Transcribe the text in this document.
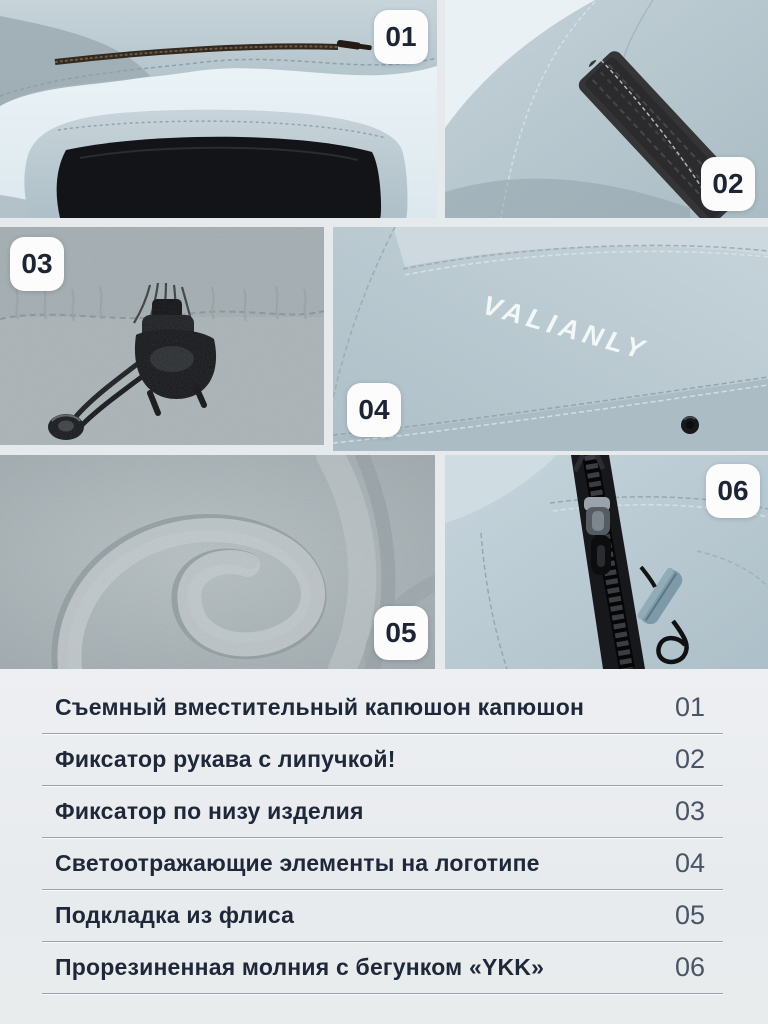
01
02
03
VALIANLY
04
05
06
Съемный вместительный капюшон капюшон	01
Фиксатор рукава с липучкой!	02
Фиксатор по низу изделия	03
Светоотражающие элементы на логотипе	04
Подкладка из флиса	05
Прорезиненная молния с бегунком «YKK»	06
